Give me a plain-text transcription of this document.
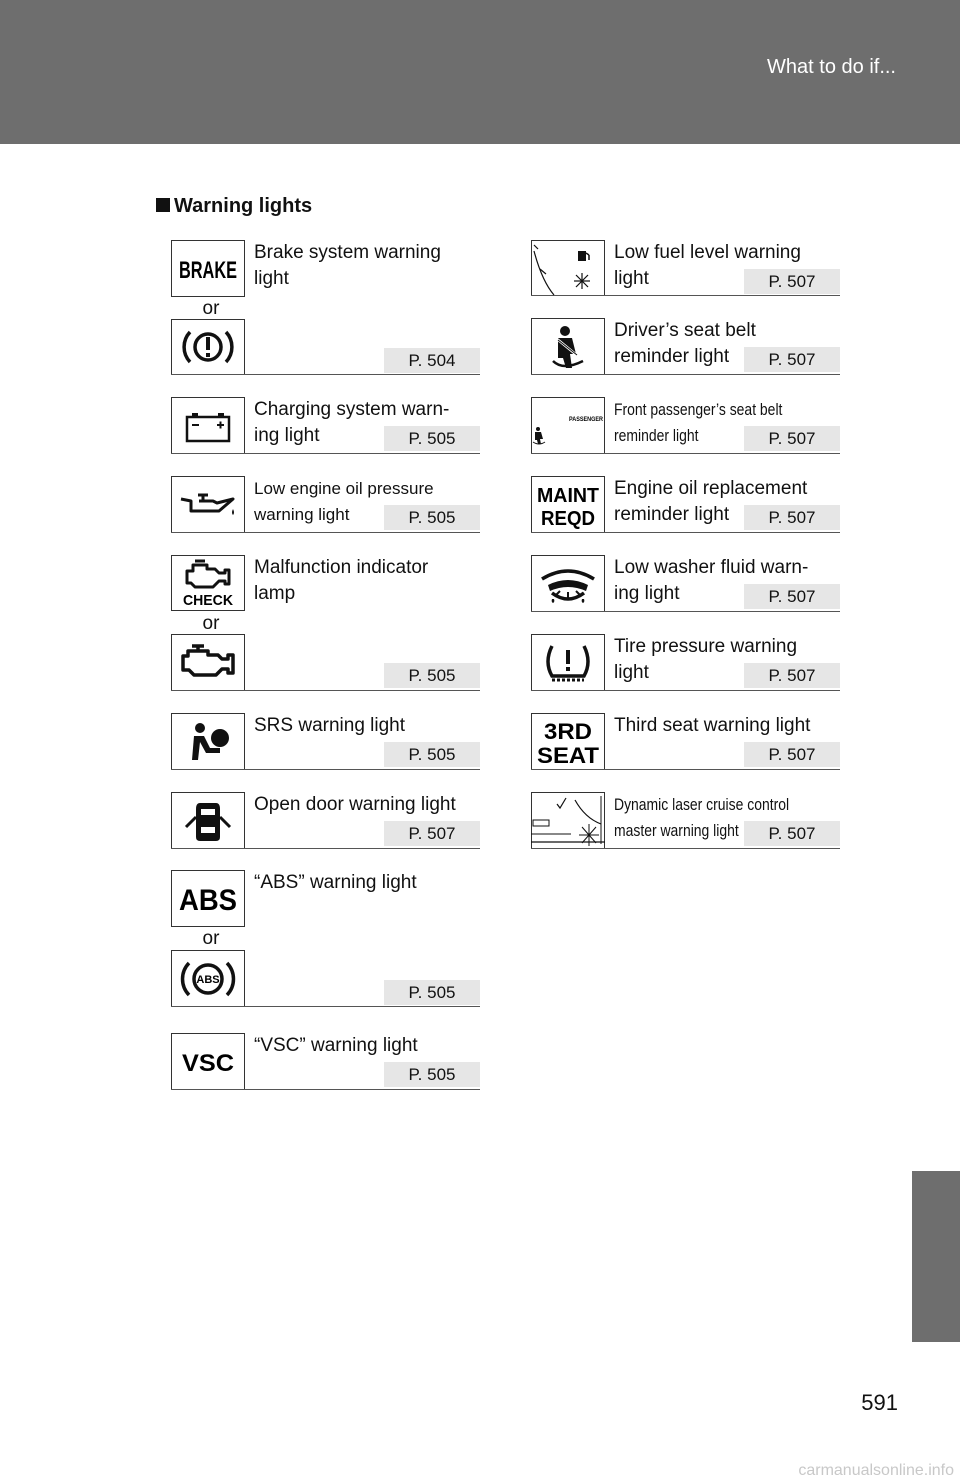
What to do if...
Warning lights
BRAKE
or
Brake system warning
light
P. 504
Charging system warn-
ing light	P. 505
Low engine oil pressure
warning light	P. 505
CHECK
or
Malfunction indicator
lamp
P. 505
SRS warning light
P. 505
Open door warning light
P. 507
ABS
or
ABS
“ABS” warning light
P. 505
VSC
“VSC” warning light
P. 505
Low fuel level warning
light	P. 507
Driver’s seat belt
reminder light	P. 507
PASSENGER
Front passenger’s seat belt
reminder light	P. 507
MAINT
REQD
Engine oil replacement
reminder light	P. 507
Low washer fluid warn-
ing light	P. 507
Tire pressure warning
light	P. 507
3RD
SEAT
Third seat warning light
P. 507
Dynamic laser cruise control
master warning light	P. 507
591
carmanualsonline.info
